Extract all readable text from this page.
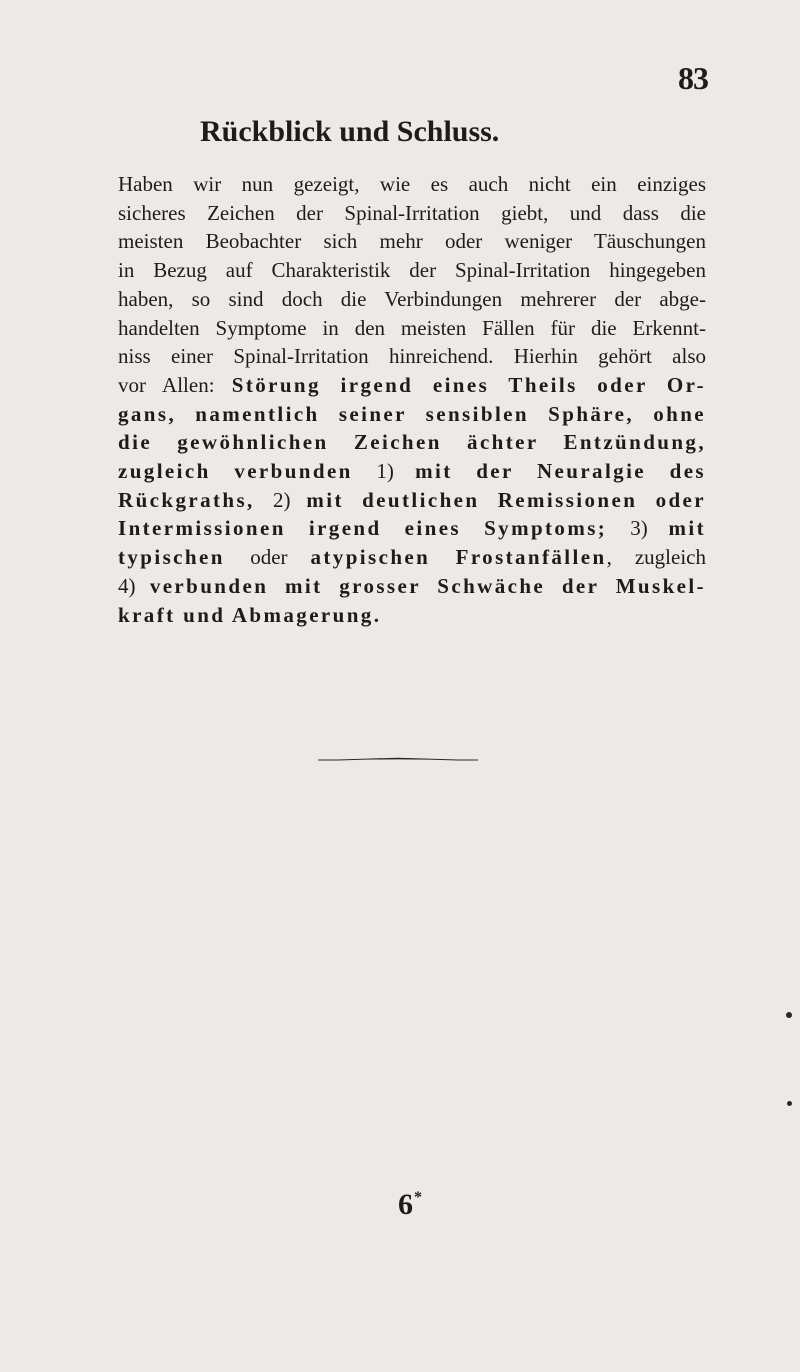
83
Rückblick und Schluss.
Haben wir nun gezeigt, wie es auch nicht ein einziges
sicheres Zeichen der Spinal-Irritation giebt, und dass die
meisten Beobachter sich mehr oder weniger Täuschungen
in Bezug auf Charakteristik der Spinal-Irritation hingegeben
haben, so sind doch die Verbindungen mehrerer der abge-
handelten Symptome in den meisten Fällen für die Erkennt-
niss einer Spinal-Irritation hinreichend. Hierhin gehört also
vor Allen: Störung irgend eines Theils oder Or-
gans, namentlich seiner sensiblen Sphäre, ohne
die gewöhnlichen Zeichen ächter Entzündung,
zugleich verbunden 1) mit der Neuralgie des
Rückgraths, 2) mit deutlichen Remissionen oder
Intermissionen irgend eines Symptoms; 3) mit
typischen oder atypischen Frostanfällen, zugleich
4) verbunden mit grosser Schwäche der Muskel-
kraft und Abmagerung.
6*
